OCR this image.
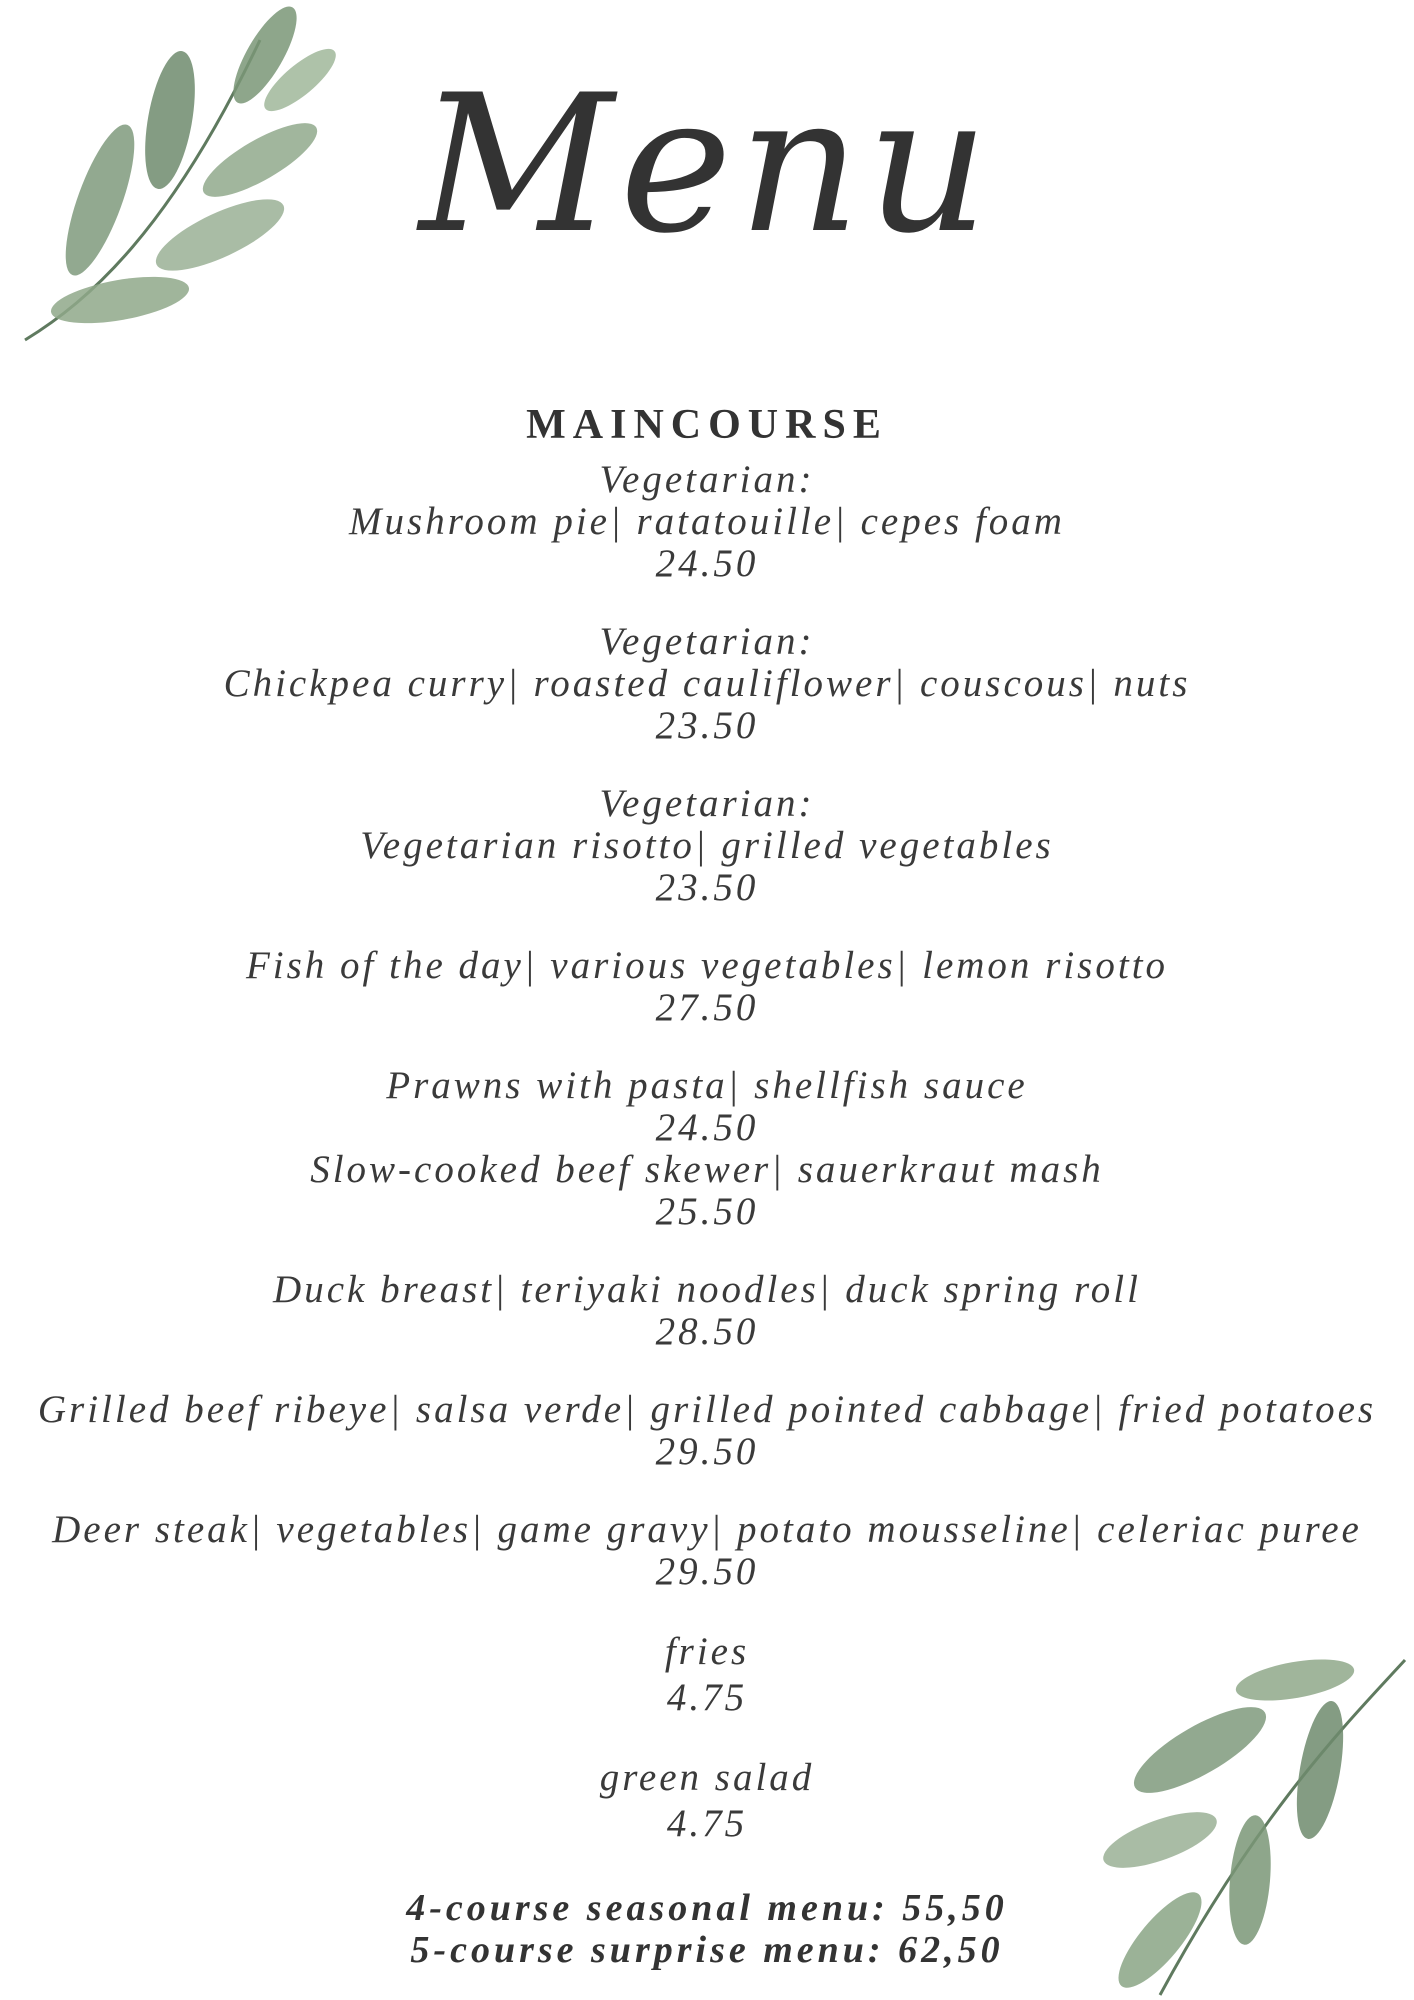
Menu
MAINCOURSE
Vegetarian:
Mushroom pie| ratatouille| cepes foam
24.50
Vegetarian:
Chickpea curry| roasted cauliflower| couscous| nuts
23.50
Vegetarian:
Vegetarian risotto| grilled vegetables
23.50
Fish of the day| various vegetables| lemon risotto
27.50
Prawns with pasta| shellfish sauce
24.50
Slow-cooked beef skewer| sauerkraut mash
25.50
Duck breast| teriyaki noodles| duck spring roll
28.50
Grilled beef ribeye| salsa verde| grilled pointed cabbage| fried potatoes
29.50
Deer steak| vegetables| game gravy| potato mousseline| celeriac puree
29.50
fries
4.75
green salad
4.75
4-course seasonal menu: 55,50
5-course surprise menu: 62,50
